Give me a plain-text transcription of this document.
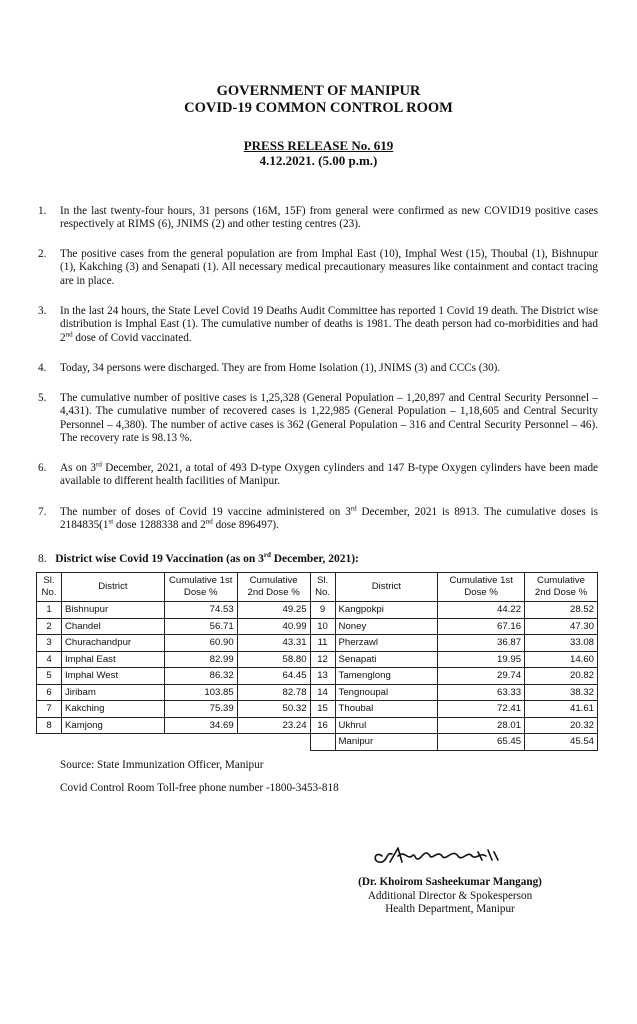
GOVERNMENT OF MANIPUR
COVID-19 COMMON CONTROL ROOM
PRESS RELEASE No. 619
4.12.2021. (5.00 p.m.)
1.	In the last twenty-four hours, 31 persons (16M, 15F) from general were confirmed as new COVID19 positive cases respectively at RIMS (6), JNIMS (2) and other testing centres (23).
2.	The positive cases from the general population are from Imphal East (10), Imphal West (15), Thoubal (1), Bishnupur (1), Kakching (3) and Senapati (1). All necessary medical precautionary measures like containment and contact tracing are in place.
3.	In the last 24 hours, the State Level Covid 19 Deaths Audit Committee has reported 1 Covid 19 death. The District wise distribution is Imphal East (1). The cumulative number of deaths is 1981. The death person had co-morbidities and had 2nd dose of Covid vaccinated.
4.	Today, 34 persons were discharged. They are from Home Isolation (1), JNIMS (3) and CCCs (30).
5.	The cumulative number of positive cases is 1,25,328 (General Population – 1,20,897 and Central Security Personnel – 4,431). The cumulative number of recovered cases is 1,22,985 (General Population – 1,18,605 and Central Security Personnel – 4,380). The number of active cases is 362 (General Population – 316 and Central Security Personnel – 46). The recovery rate is 98.13 %.
6.	As on 3rd December, 2021, a total of 493 D-type Oxygen cylinders and 147 B-type Oxygen cylinders have been made available to different health facilities of Manipur.
7.	The number of doses of Covid 19 vaccine administered on 3rd December, 2021 is 8913. The cumulative doses is 2184835(1st dose 1288338 and 2nd dose 896497).
8. District wise Covid 19 Vaccination (as on 3rd December, 2021):
Sl. No.	District	Cumulative 1st Dose %	Cumulative 2nd Dose %	Sl. No.	District	Cumulative 1st Dose %	Cumulative 2nd Dose %
1	Bishnupur	74.53	49.25	9	Kangpokpi	44.22	28.52
2	Chandel	56.71	40.99	10	Noney	67.16	47.30
3	Churachandpur	60.90	43.31	11	Pherzawl	36.87	33.08
4	Imphal East	82.99	58.80	12	Senapati	19.95	14.60
5	Imphal West	86.32	64.45	13	Tamenglong	29.74	20.82
6	Jiribam	103.85	82.78	14	Tengnoupal	63.33	38.32
7	Kakching	75.39	50.32	15	Thoubal	72.41	41.61
8	Kamjong	34.69	23.24	16	Ukhrul	28.01	20.32
					Manipur	65.45	45.54
Source: State Immunization Officer, Manipur
Covid Control Room Toll-free phone number -1800-3453-818
(Dr. Khoirom Sasheekumar Mangang)
Additional Director & Spokesperson
Health Department, Manipur
